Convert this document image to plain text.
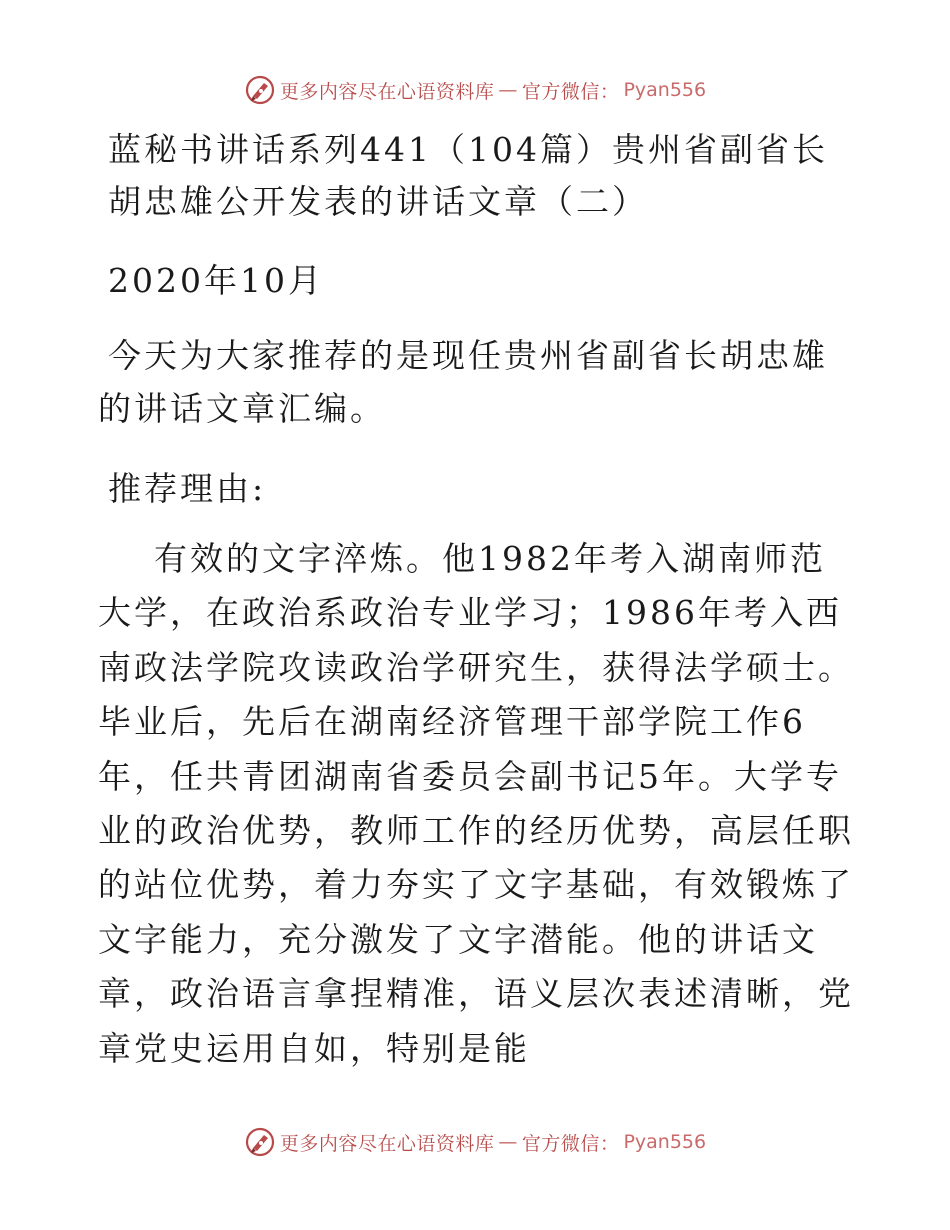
更多内容尽在心语资料库 — 官方微信： Pyan556
蓝秘书讲话系列441（104篇）贵州省副省长胡忠雄公开发表的讲话文章（二）
2020年10月

今天为大家推荐的是现任贵州省副省长胡忠雄的讲话文章汇编。

推荐理由:

有效的文字淬炼。他1982年考入湖南师范大学，在政治系政治专业学习；1986年考入西南政法学院攻读政治学研究生，获得法学硕士。毕业后，先后在湖南经济管理干部学院工作6年，任共青团湖南省委员会副书记5年。大学专业的政治优势，教师工作的经历优势，高层任职的站位优势，着力夯实了文字基础，有效锻炼了文字能力，充分激发了文字潜能。他的讲话文章，政治语言拿捏精准，语义层次表述清晰，党章党史运用自如，特别是能

更多内容尽在心语资料库 — 官方微信： Pyan556
